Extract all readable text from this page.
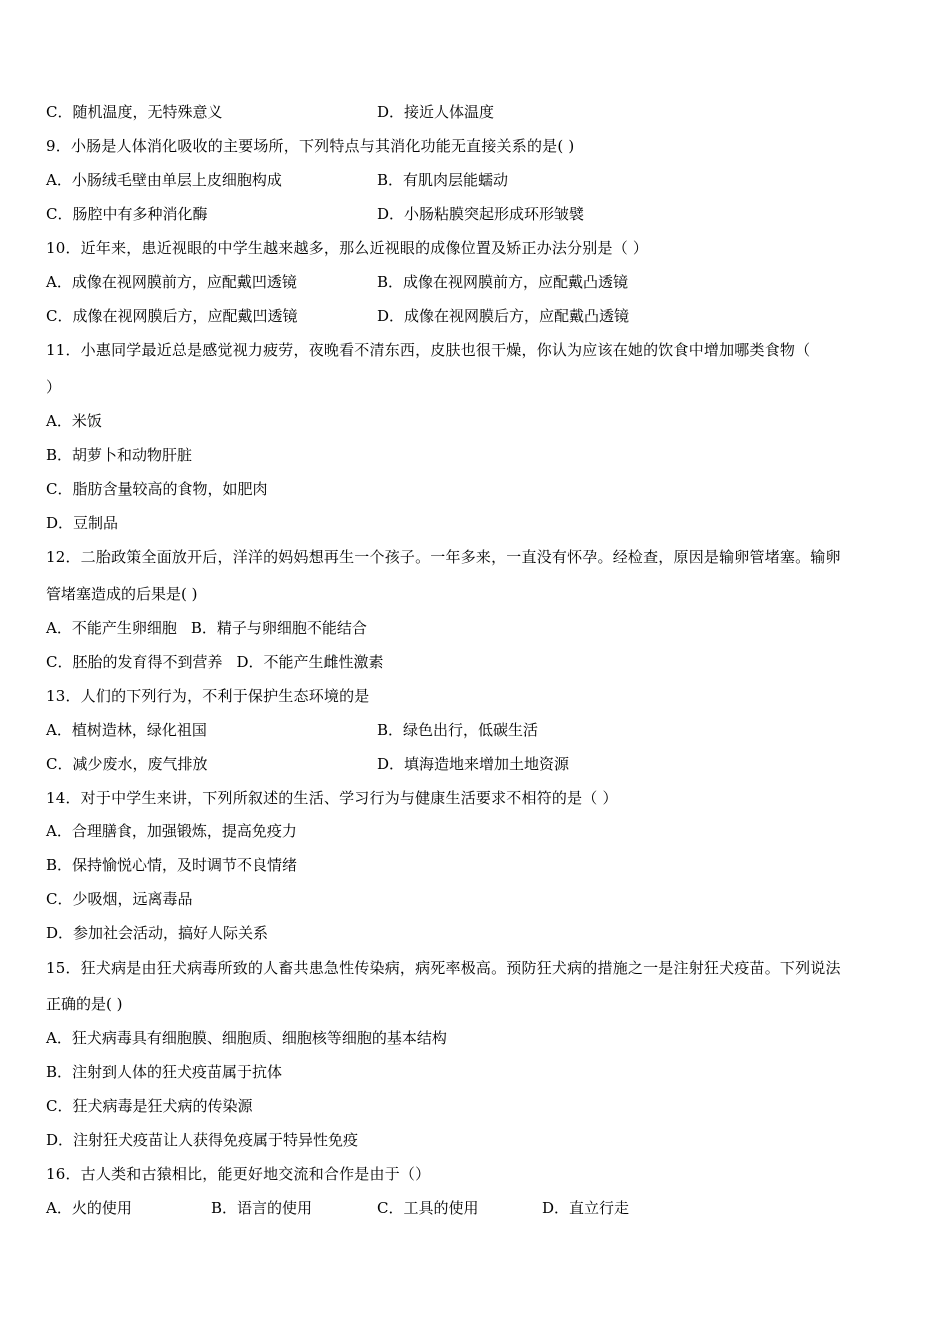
C．随机温度，无特殊意义	D．接近人体温度
9．小肠是人体消化吸收的主要场所，下列特点与其消化功能无直接关系的是( )
A．小肠绒毛壁由单层上皮细胞构成	B．有肌肉层能蠕动
C．肠腔中有多种消化酶	D．小肠粘膜突起形成环形皱襞
10．近年来，患近视眼的中学生越来越多，那么近视眼的成像位置及矫正办法分别是（ ）
A．成像在视网膜前方，应配戴凹透镜	B．成像在视网膜前方，应配戴凸透镜
C．成像在视网膜后方，应配戴凹透镜	D．成像在视网膜后方，应配戴凸透镜
11．小惠同学最近总是感觉视力疲劳，夜晚看不清东西，皮肤也很干燥，你认为应该在她的饮食中增加哪类食物（
）
A．米饭
B．胡萝卜和动物肝脏
C．脂肪含量较高的食物，如肥肉
D．豆制品
12．二胎政策全面放开后，洋洋的妈妈想再生一个孩子。一年多来，一直没有怀孕。经检查，原因是输卵管堵塞。输卵
管堵塞造成的后果是( )
A．不能产生卵细胞 B．精子与卵细胞不能结合
C．胚胎的发育得不到营养 D．不能产生雌性激素
13．人们的下列行为，不利于保护生态环境的是
A．植树造林，绿化祖国	B．绿色出行，低碳生活
C．减少废水，废气排放	D．填海造地来增加土地资源
14．对于中学生来讲，下列所叙述的生活、学习行为与健康生活要求不相符的是（ ）
A．合理膳食，加强锻炼，提高免疫力
B．保持愉悦心情，及时调节不良情绪
C．少吸烟，远离毒品
D．参加社会活动，搞好人际关系
15．狂犬病是由狂犬病毒所致的人畜共患急性传染病，病死率极高。预防狂犬病的措施之一是注射狂犬疫苗。下列说法
正确的是( )
A．狂犬病毒具有细胞膜、细胞质、细胞核等细胞的基本结构
B．注射到人体的狂犬疫苗属于抗体
C．狂犬病毒是狂犬病的传染源
D．注射狂犬疫苗让人获得免疫属于特异性免疫
16．古人类和古猿相比，能更好地交流和合作是由于（）
A．火的使用	B．语言的使用	C．工具的使用	D．直立行走
